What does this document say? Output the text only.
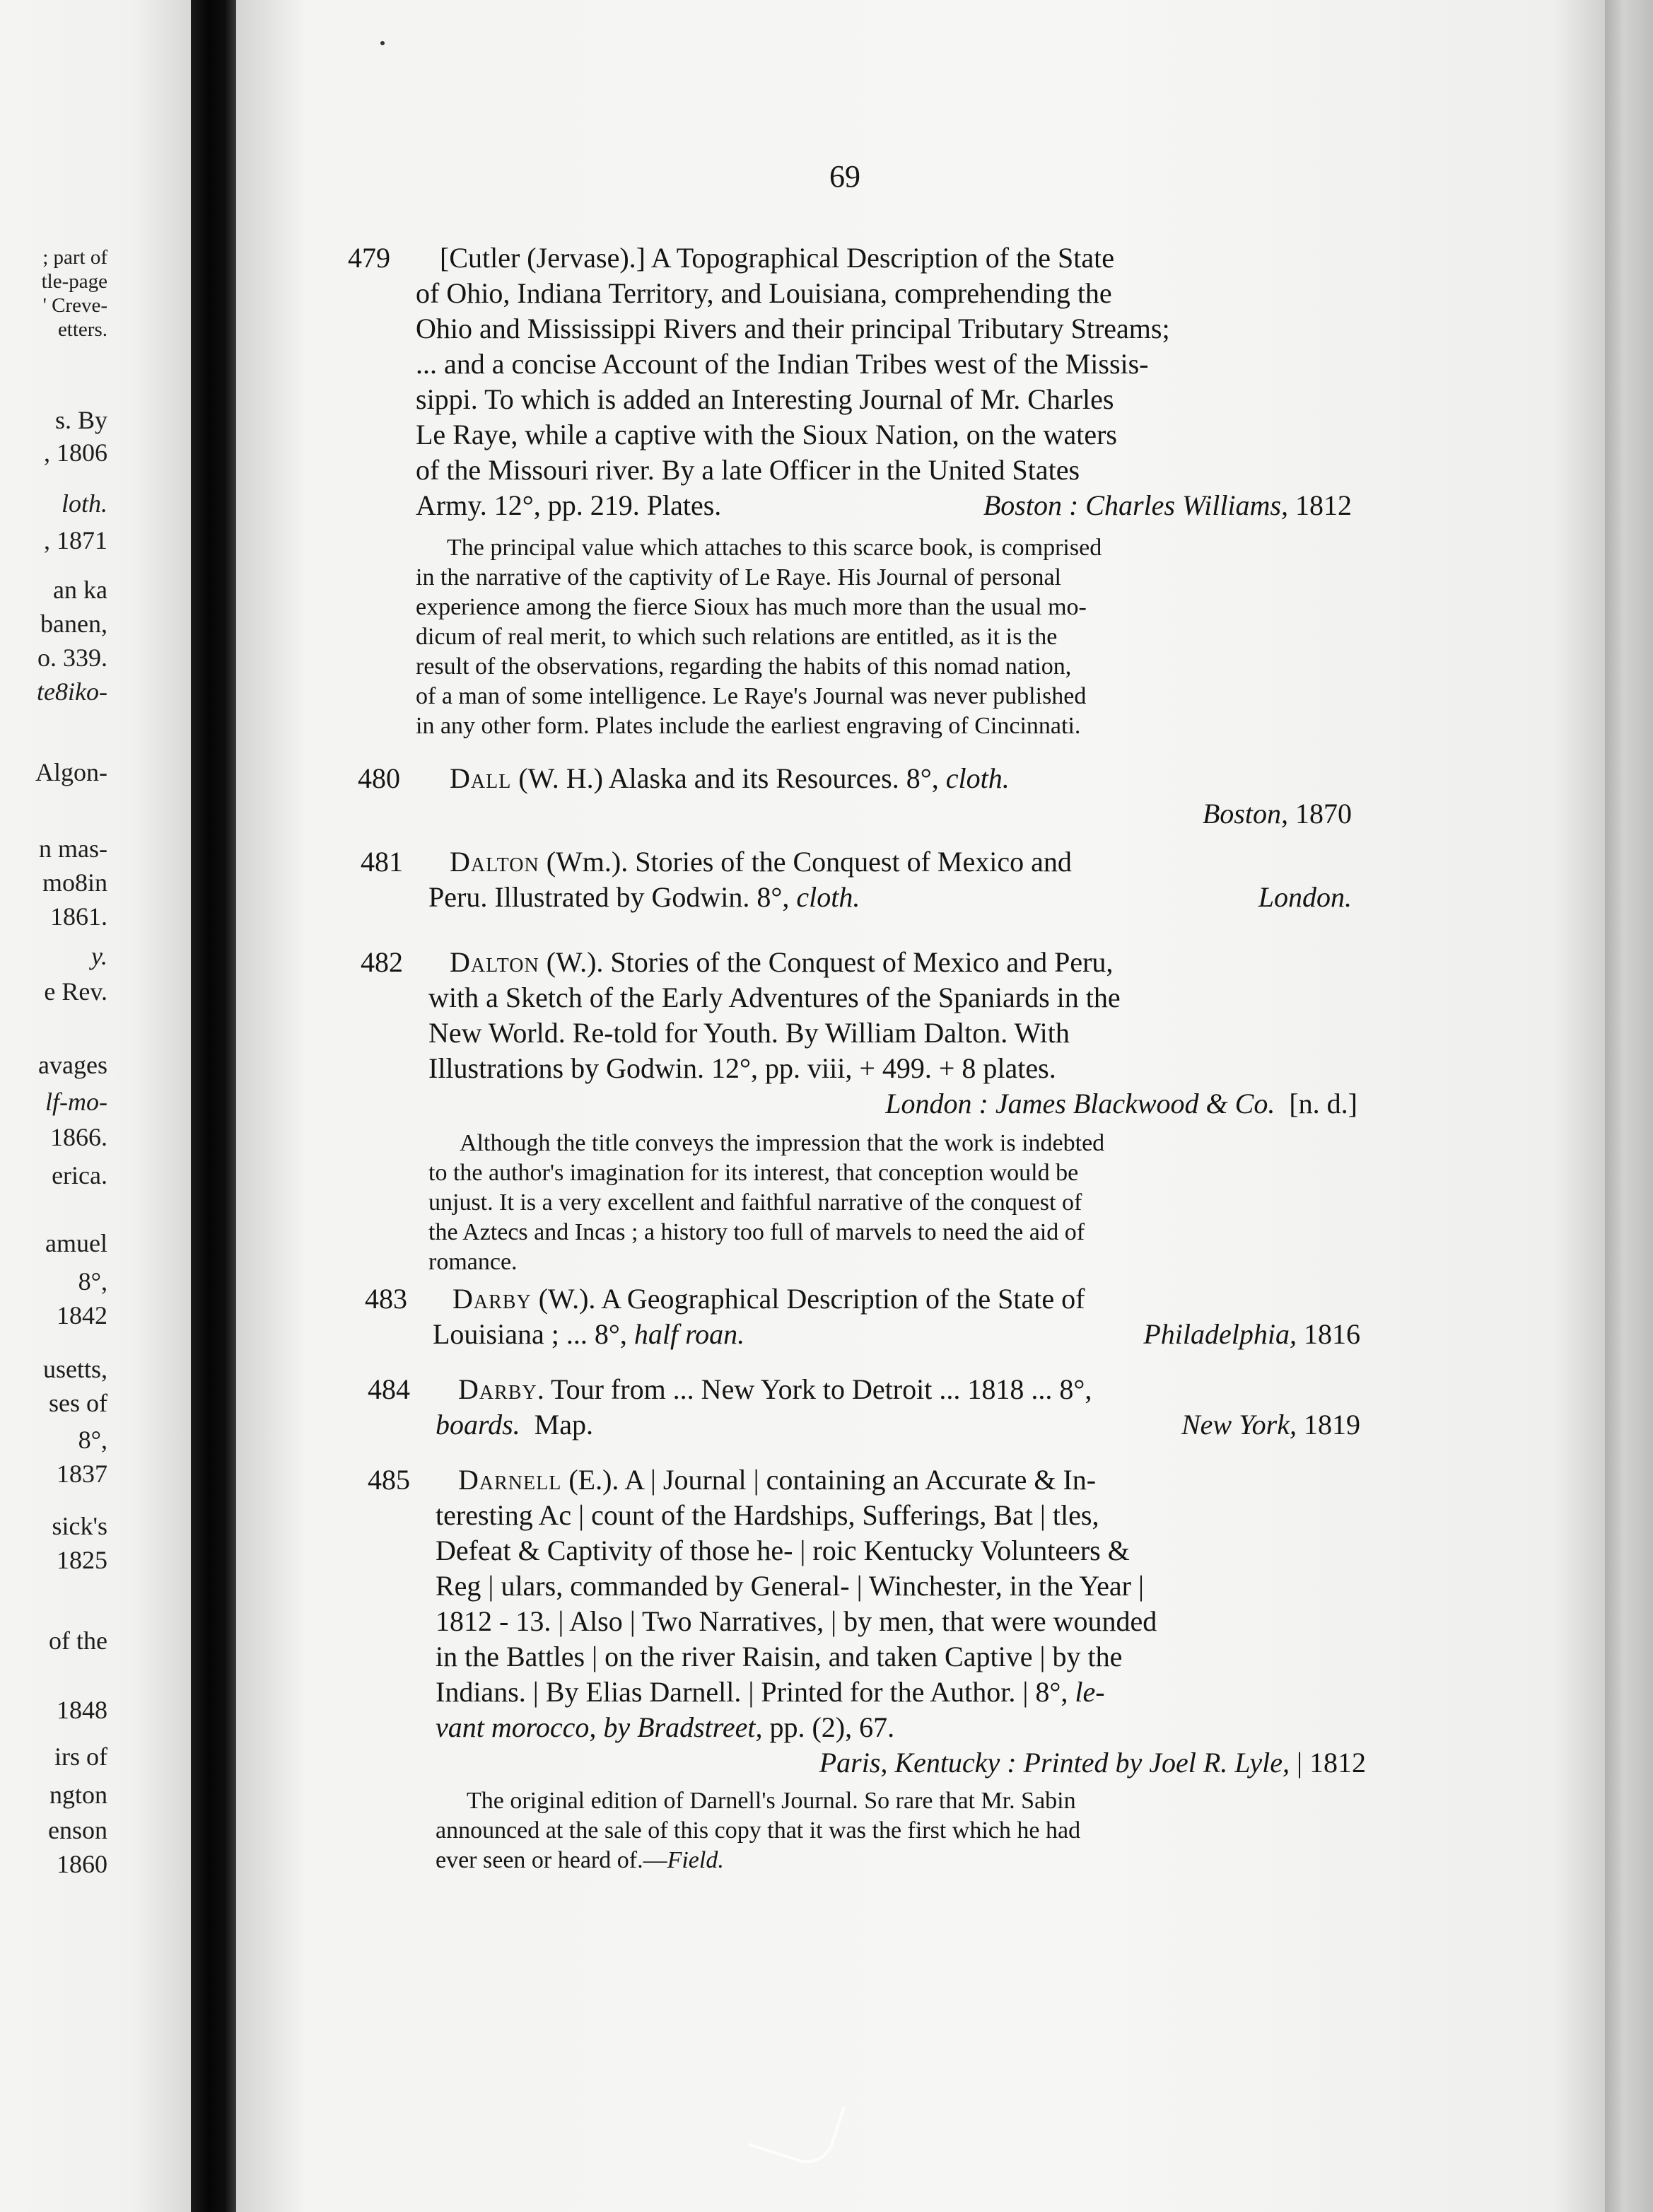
; part of
tle-page
' Creve-
etters.
s. By
, 1806
loth.
, 1871
an ka
banen,
o. 339.
te8iko-
Algon-
n mas-
mo8in
1861.
y.
e Rev.
avages
lf-mo-
1866.
erica.
amuel
8°,
1842
usetts,
ses of
8°,
1837
sick's
1825
of the
1848
irs of
ngton
enson
1860
69
479 [Cutler (Jervase).] A Topographical Description of the State
of Ohio, Indiana Territory, and Louisiana, comprehending the
Ohio and Mississippi Rivers and their principal Tributary Streams;
... and a concise Account of the Indian Tribes west of the Missis-
sippi. To which is added an Interesting Journal of Mr. Charles
Le Raye, while a captive with the Sioux Nation, on the waters
of the Missouri river. By a late Officer in the United States
Army. 12°, pp. 219. Plates.	Boston : Charles Williams, 1812
The principal value which attaches to this scarce book, is comprised
in the narrative of the captivity of Le Raye. His Journal of personal
experience among the fierce Sioux has much more than the usual mo-
dicum of real merit, to which such relations are entitled, as it is the
result of the observations, regarding the habits of this nomad nation,
of a man of some intelligence. Le Raye's Journal was never published
in any other form. Plates include the earliest engraving of Cincinnati.
480 Dall (W. H.) Alaska and its Resources. 8°, cloth.
Boston, 1870
481 Dalton (Wm.). Stories of the Conquest of Mexico and
Peru. Illustrated by Godwin. 8°, cloth.	London.
482 Dalton (W.). Stories of the Conquest of Mexico and Peru,
with a Sketch of the Early Adventures of the Spaniards in the
New World. Re-told for Youth. By William Dalton. With
Illustrations by Godwin. 12°, pp. viii, + 499. + 8 plates.
London : James Blackwood & Co. [n. d.]
Although the title conveys the impression that the work is indebted
to the author's imagination for its interest, that conception would be
unjust. It is a very excellent and faithful narrative of the conquest of
the Aztecs and Incas ; a history too full of marvels to need the aid of
romance.
483 Darby (W.). A Geographical Description of the State of
Louisiana ; ... 8°, half roan.	Philadelphia, 1816
484 Darby. Tour from ... New York to Detroit ... 1818 ... 8°,
boards. Map.	New York, 1819
485 Darnell (E.). A | Journal | containing an Accurate & In-
teresting Ac | count of the Hardships, Sufferings, Bat | tles,
Defeat & Captivity of those he- | roic Kentucky Volunteers &
Reg | ulars, commanded by General- | Winchester, in the Year |
1812 - 13. | Also | Two Narratives, | by men, that were wounded
in the Battles | on the river Raisin, and taken Captive | by the
Indians. | By Elias Darnell. | Printed for the Author. | 8°, le-
vant morocco, by Bradstreet, pp. (2), 67.
Paris, Kentucky : Printed by Joel R. Lyle, | 1812
The original edition of Darnell's Journal. So rare that Mr. Sabin
announced at the sale of this copy that it was the first which he had
ever seen or heard of.—Field.
